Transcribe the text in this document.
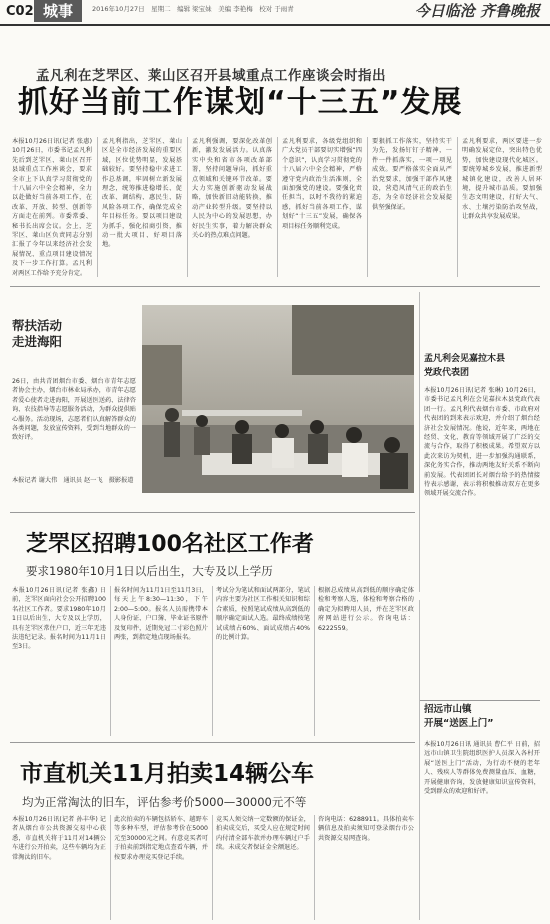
C02 城事	2016年10月27日　星期二　编辑 梁宝妹　美编 李艳梅　校对 于雨青	今日临沧 齐鲁晚报
孟凡利在芝罘区、莱山区召开县域重点工作座谈会时指出
抓好当前工作谋划“十三五”发展
本报10月26日讯(记者 张惠) 10月26日，市委书记孟凡利先后到芝罘区、莱山区召开县域重点工作座谈会，要求全市上下认真学习贯彻党的十八届六中全会精神，全力以赴做好当前各项工作，在改革、开放、转型、创新等方面走在前列。市委常委、秘书长出席会议。会上，芝罘区、莱山区负责同志分别汇报了今年以来经济社会发展情况、重点项目建设情况及下一步工作打算。孟凡利对两区工作给予充分肯定。
孟凡利指出，芝罘区、莱山区是全市经济发展的重要区域，区位优势明显，发展基础较好。要坚持稳中求进工作总基调，牢固树立新发展理念，统筹推进稳增长、促改革、调结构、惠民生、防风险各项工作，确保完成全年目标任务。要以项目建设为抓手，强化招商引资，推动一批大项目、好项目落地。
孟凡利强调，要深化改革创新，激发发展活力。认真落实中央和省市各项改革部署，坚持问题导向，抓好重点领域和关键环节改革。要大力实施创新驱动发展战略，加快新旧动能转换，推动产业转型升级。要坚持以人民为中心的发展思想，办好民生实事，着力解决群众关心的热点难点问题。
孟凡利要求，各级党组织和广大党员干部要切实增强“四个意识”，认真学习贯彻党的十八届六中全会精神，严格遵守党内政治生活准则，全面加强党的建设。要强化责任担当，以时不我待的紧迫感，抓好当前各项工作，谋划好“十三五”发展，确保各项目标任务顺利完成。
要狠抓工作落实，坚持实干为先，发扬钉钉子精神，一件一件抓落实，一项一项见成效。要严格落实全面从严治党要求，加强干部作风建设，营造风清气正的政治生态，为全市经济社会发展提供坚强保证。
孟凡利要求，两区要进一步明确发展定位，突出特色优势，加快建设现代化城区。要统筹城乡发展，推进新型城镇化建设，改善人居环境，提升城市品质。要加强生态文明建设，打好大气、水、土壤污染防治攻坚战，让群众共享发展成果。
帮扶活动
走进海阳
26日，由共青团烟台市委、烟台市青年志愿者协会主办，烟台市林业局承办，市青年志愿者爱心使者走进海阳，开展送医送药、法律咨询、农技指导等志愿服务活动，为群众提供贴心服务。活动现场，志愿者们认真解答群众的各类问题，发放宣传资料，受到当地群众的一致好评。
本报记者 谢大伟　通讯员 赵一飞　摄影报道
孟凡利会见嘉拉木县
党政代表团
本报10月26日讯(记者 张琳) 10月26日，市委书记孟凡利在会见嘉拉木县党政代表团一行。孟凡利代表烟台市委、市政府对代表团的到来表示欢迎，并介绍了烟台经济社会发展情况。他说，近年来，两地在经贸、文化、教育等领域开展了广泛的交流与合作，取得了积极成果。希望双方以此次来访为契机，进一步加强沟通联系，深化务实合作，推动两地友好关系不断向前发展。代表团团长对烟台给予的热情接待表示感谢，表示将积极推动双方在更多领域开展交流合作。
芝罘区招聘100名社区工作者
要求1980年10月1日以后出生，大专及以上学历
本报10月26日讯(记者 张鑫) 日前，芝罘区面向社会公开招聘100名社区工作者。要求1980年10月1日以后出生，大专及以上学历，具有芝罘区常住户口，近三年无违法违纪记录。报名时间为11月1日至3日。
报名时间为11月1日至11月3日，每天上午8:30—11:30，下午2:00—5:00。报名人员需携带本人身份证、户口簿、毕业证书原件及复印件，近期免冠二寸彩色照片两张，到指定地点现场报名。
考试分为笔试和面试两部分，笔试内容主要为社区工作相关知识和综合素质，按照笔试成绩从高到低的顺序确定面试人选。最终成绩按笔试成绩占60%、面试成绩占40%的比例计算。
根据总成绩从高到低的顺序确定体检和考察人选，体检和考察合格的确定为拟聘用人员，并在芝罘区政府网站进行公示。咨询电话：6222559。
招远市山镇
开展“送医上门”
本报10月26日讯 通讯员 曹仁平 日前，招远市山镇卫生院组织医护人员深入各村开展“送医上门”活动，为行动不便的老年人、残疾人等群体免费测量血压、血糖，开展健康咨询，发放健康知识宣传资料，受到群众的欢迎和好评。
市直机关11月拍卖14辆公车
均为正常淘汰的旧车，评估参考价5000—30000元不等
本报10月26日讯(记者 孙丰华) 记者从烟台市公共资源交易中心获悉，市直机关将于11月对14辆公车进行公开拍卖，这些车辆均为正常淘汰的旧车。
此次拍卖的车辆包括轿车、越野车等多种车型，评估参考价在5000元至30000元之间。有意竞买者可于拍卖前到指定地点查看车辆，并按要求办理竞买登记手续。
竞买人须交纳一定数额的保证金，拍卖成交后，买受人应在规定时间内付清全部车款并办理车辆过户手续。未成交者保证金全额退还。
咨询电话：6288911。具体拍卖车辆信息及拍卖须知可登录烟台市公共资源交易网查询。
